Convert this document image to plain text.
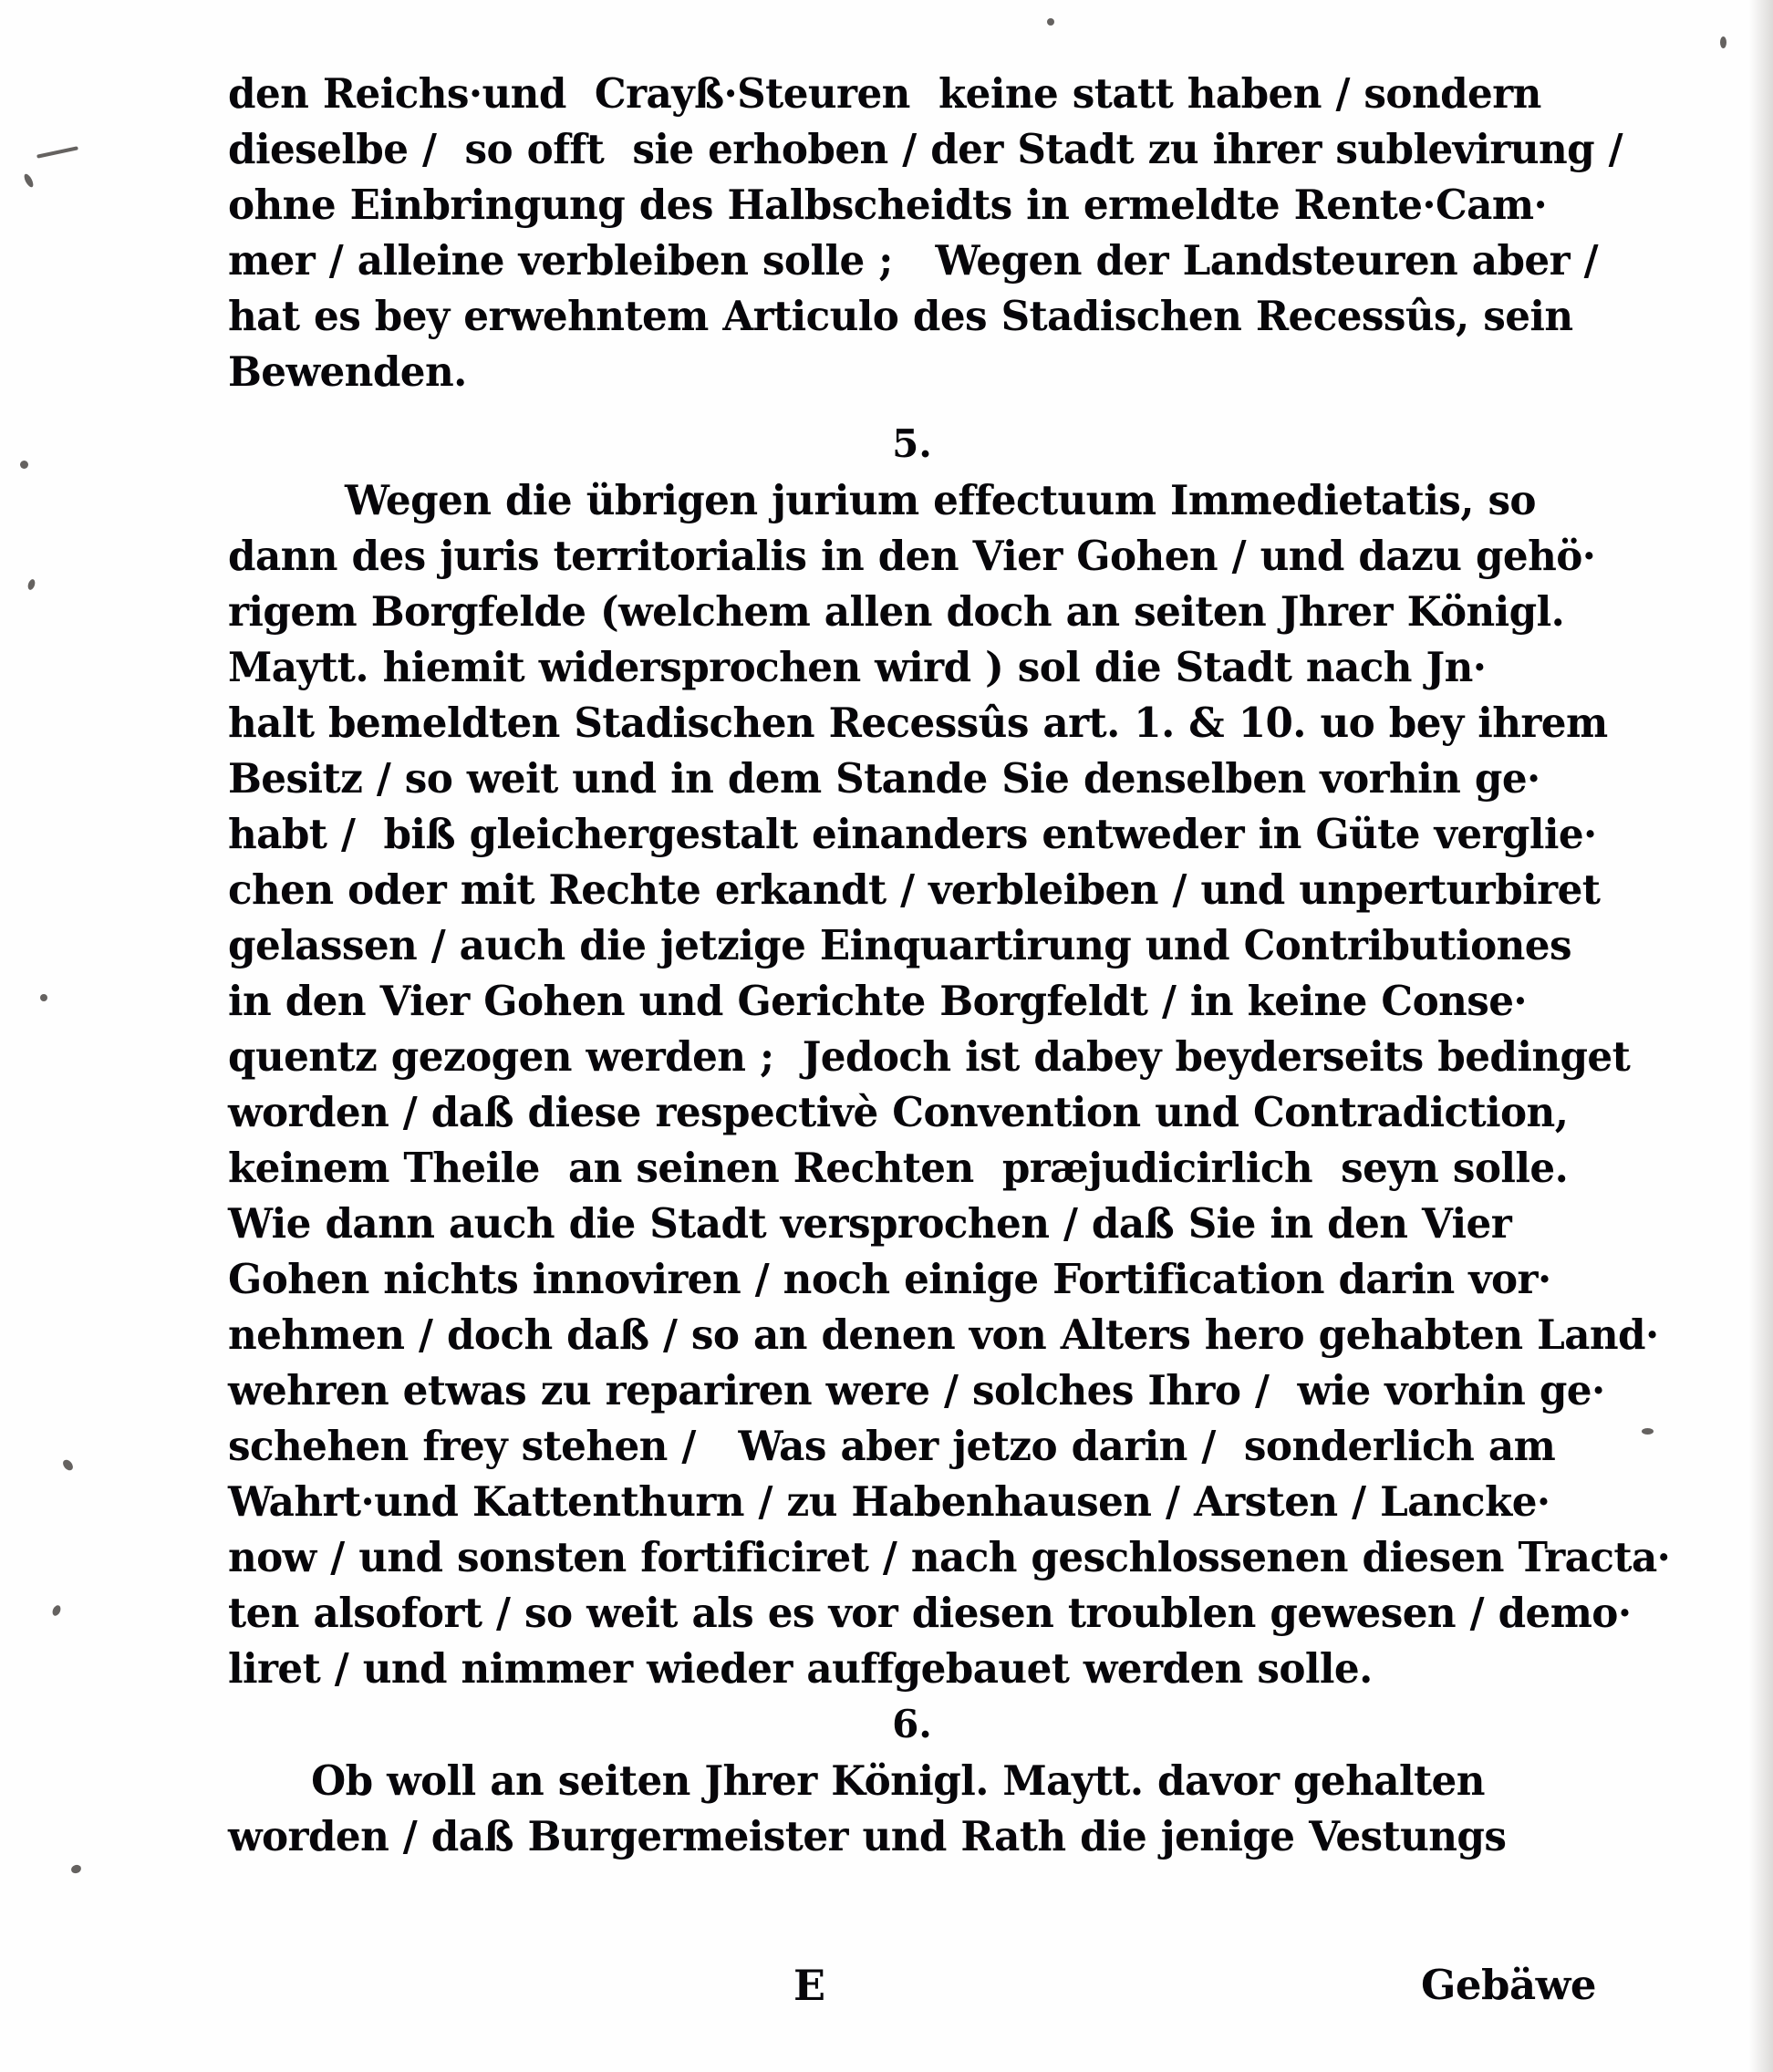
den Reichs·und  Crayß·Steuren  keine statt haben / sondern
dieselbe /  so offt  sie erhoben / der Stadt zu ihrer sublevirung /
ohne Einbringung des Halbscheidts in ermeldte Rente·Cam·
mer / alleine verbleiben solle ;   Wegen der Landsteuren aber /
hat es bey erwehntem Articulo des Stadischen Recessûs, sein
Bewenden.
5.
Wegen die übrigen jurium effectuum Immedietatis, so
dann des juris territorialis in den Vier Gohen / und dazu gehö·
rigem Borgfelde (welchem allen doch an seiten Jhrer Königl.
Maytt. hiemit widersprochen wird ) sol die Stadt nach Jn·
halt bemeldten Stadischen Recessûs art. 1. & 10. uo bey ihrem
Besitz / so weit und in dem Stande Sie denselben vorhin ge·
habt /  biß gleichergestalt einanders entweder in Güte verglie·
chen oder mit Rechte erkandt / verbleiben / und unperturbiret
gelassen / auch die jetzige Einquartirung und Contributiones
in den Vier Gohen und Gerichte Borgfeldt / in keine Conse·
quentz gezogen werden ;  Jedoch ist dabey beyderseits bedinget
worden / daß diese respectivè Convention und Contradiction,
keinem Theile  an seinen Rechten  præjudicirlich  seyn solle.
Wie dann auch die Stadt versprochen / daß Sie in den Vier
Gohen nichts innoviren / noch einige Fortification darin vor·
nehmen / doch daß / so an denen von Alters hero gehabten Land·
wehren etwas zu repariren were / solches Ihro /  wie vorhin ge·
schehen frey stehen /   Was aber jetzo darin /  sonderlich am
Wahrt·und Kattenthurn / zu Habenhausen / Arsten / Lancke·
now / und sonsten fortificiret / nach geschlossenen diesen Tracta·
ten alsofort / so weit als es vor diesen troublen gewesen / demo·
liret / und nimmer wieder auffgebauet werden solle.
6.
Ob woll an seiten Jhrer Königl. Maytt. davor gehalten
worden / daß Burgermeister und Rath die jenige Vestungs
E	Gebäwe
